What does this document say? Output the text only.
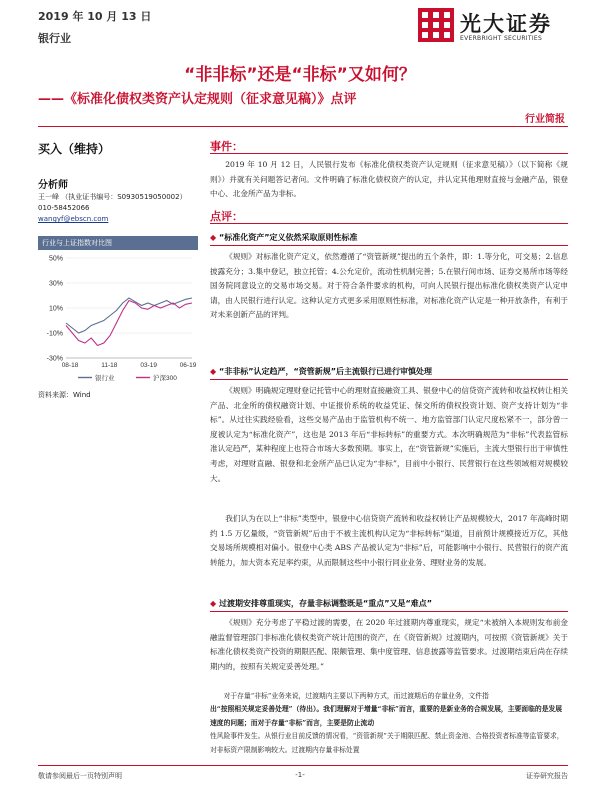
2019 年 10 月 13 日
银行业
光大证券
EVERBRIGHT SECURITIES
“非非标”还是“非标”又如何？
——《标准化债权类资产认定规则（征求意见稿）》点评
行业简报
买入（维持）
分析师
王一峰 （执业证书编号：S0930519050002）
010-58452066
wangyf@ebscn.com
行业与上证指数对比图
50%
30%
10%
-10%
-30%
08-18	11-18	03-19	06-19
银行业	沪深300
资料来源：Wind
事件：
2019 年 10 月 12 日，人民银行发布《标准化债权类资产认定规则（征求意见稿）》（以下简称《规则》）并就有关问题答记者问。文件明确了标准化债权资产的认定，并认定其他理财直接与金融产品，银登中心、北金所产品为非标。
点评：
◆ “标准化资产”定义依然采取原则性标准
《规则》对标准化资产定义，依然遵循了“资管新规”提出的五个条件，即：1.等分化，可交易；2.信息披露充分；3.集中登记，独立托管；4.公允定价，流动性机制完善；5.在银行间市场、证券交易所市场等经国务院同意设立的交易市场交易。对于符合条件要求的机构，可向人民银行提出标准化债权类资产认定申请，由人民银行进行认定。这种认定方式更多采用原则性标准，对标准化资产认定是一种开放条件，有利于对未来创新产品的评判。
◆ “非非标”认定趋严，“资管新规”后主流银行已进行审慎处理
《规则》明确规定理财登记托管中心的理财直接融资工具、银登中心的信贷资产流转和收益权转让相关产品、北金所的债权融资计划、中证报价系统的收益凭证、保交所的债权投资计划、资产支持计划为“非标”。从过往实践经验看，这些交易产品由于监管机构不统一、地方监管部门认定尺度松紧不一，部分曾一度被认定为“标准化资产”，这也是 2013 年后“非标转标”的重要方式。本次明确规范为“非标”代表监管标准认定趋严，某种程度上也符合市场大多数预期。事实上，在“资管新规”实施后，主流大型银行出于审慎性考虑，对理财直融、银登和北金所产品已认定为“非标”，目前中小银行、民营银行在这些领域相对规模较大。
我们认为在以上“非标”类型中，银登中心信贷资产流转和收益权转让产品规模较大，2017 年高峰时期约 1.5 万亿量级，“资管新规”后由于不被主流机构认定为“非标转标”渠道，目前预计规模接近万亿，其他交易场所规模相对偏小。银登中心类 ABS 产品被认定为“非标”后，可能影响中小银行、民营银行的资产流转能力，加大资本充足率约束，从而限制这些中小银行同业业务、理财业务的发展。
◆ 过渡期安排尊重现实，存量非标调整既是“重点”又是“难点”
《规则》充分考虑了平稳过渡的需要，在 2020 年过渡期内尊重现实，规定“未被纳入本规则发布前金融监督管理部门非标准化债权类资产统计范围的资产，在《资管新规》过渡期内，可按照《资管新规》关于标准化债权类资产投资的期限匹配、限额管理、集中度管理、信息披露等监管要求。过渡期结束后尚在存续期内的，按照有关规定妥善处理。”
对于存量“非标”业务来说，过渡期内主要以下两种方式，而过渡期后的存量业务，文件指
出“按照相关规定妥善处理”（待出）。我们理解对于增量“非标”而言，重要的是新业务的合规发展，主要面临的是发展速度的问题；而对于存量“非标”而言，主要是防止流动
性风险事件发生。从银行业目前反馈的情况看，“资管新规”关于期限匹配、禁止资金池、合格投资者标准等监管要求，对非标资产限制影响较大。过渡期内存量非标处置
敬请参阅最后一页特别声明	-1-	证券研究报告
